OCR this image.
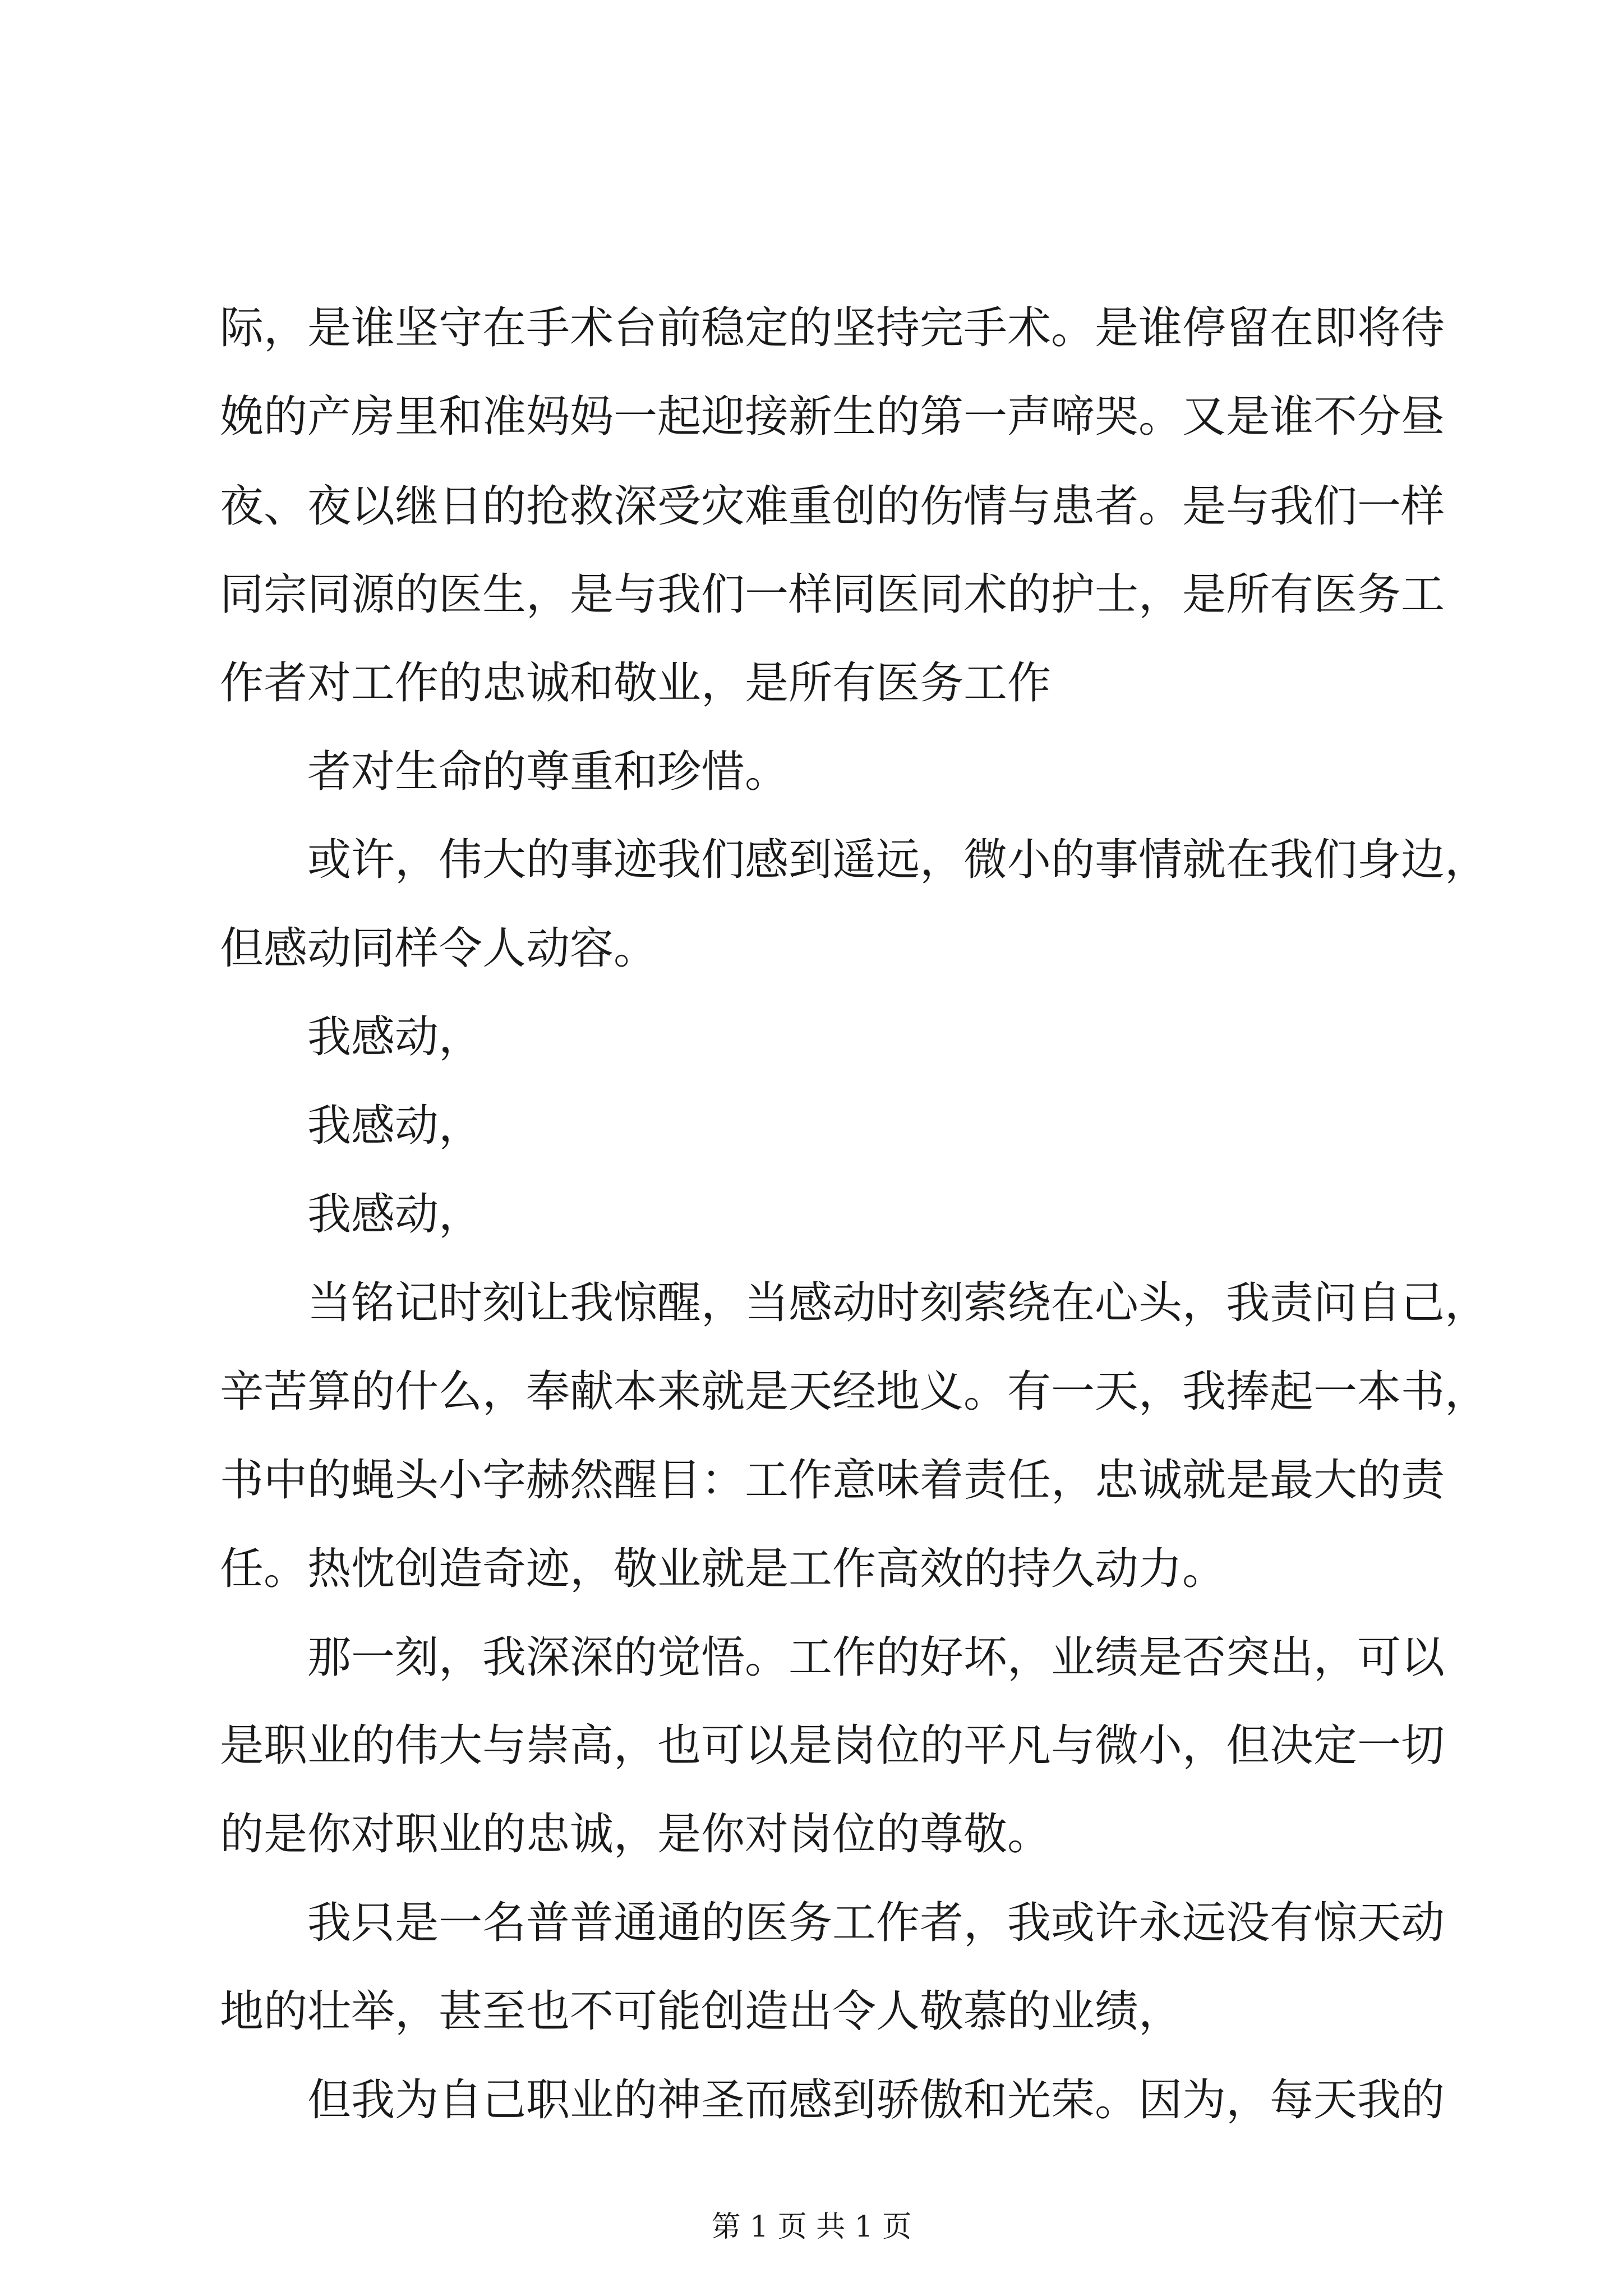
际，是谁坚守在手术台前稳定的坚持完手术。是谁停留在即将待
娩的产房里和准妈妈一起迎接新生的第一声啼哭。又是谁不分昼
夜、夜以继日的抢救深受灾难重创的伤情与患者。是与我们一样
同宗同源的医生，是与我们一样同医同术的护士，是所有医务工
作者对工作的忠诚和敬业，是所有医务工作
者对生命的尊重和珍惜。
或许，伟大的事迹我们感到遥远，微小的事情就在我们身边，
但感动同样令人动容。
我感动，
我感动，
我感动，
当铭记时刻让我惊醒，当感动时刻萦绕在心头，我责问自己，
辛苦算的什么，奉献本来就是天经地义。有一天，我捧起一本书，
书中的蝇头小字赫然醒目：工作意味着责任，忠诚就是最大的责
任。热忱创造奇迹，敬业就是工作高效的持久动力。
那一刻，我深深的觉悟。工作的好坏，业绩是否突出，可以
是职业的伟大与崇高，也可以是岗位的平凡与微小，但决定一切
的是你对职业的忠诚，是你对岗位的尊敬。
我只是一名普普通通的医务工作者，我或许永远没有惊天动
地的壮举，甚至也不可能创造出令人敬慕的业绩，
但我为自己职业的神圣而感到骄傲和光荣。因为，每天我的
第 1 页 共 1 页
